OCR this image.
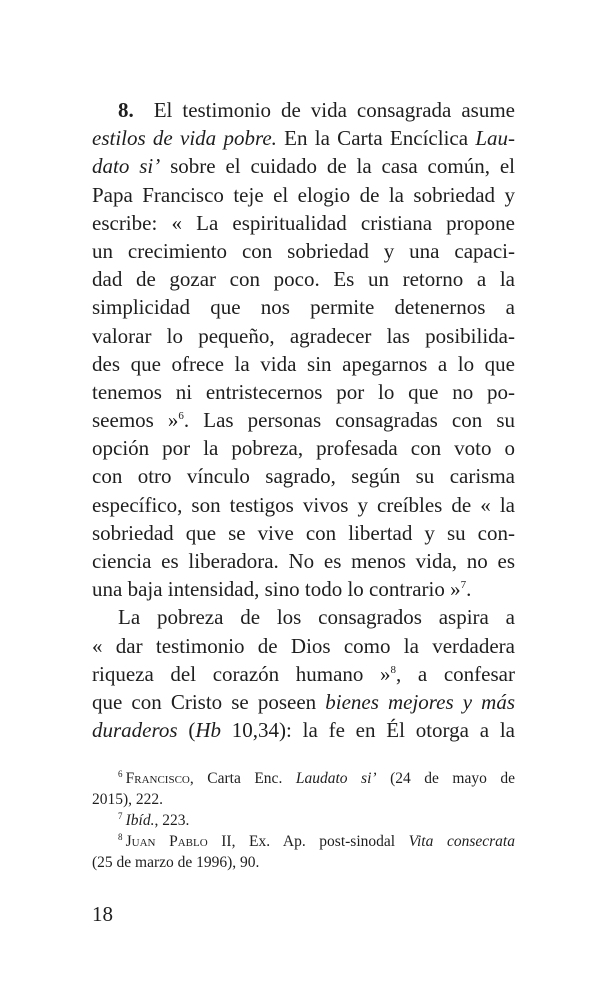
8. El testimonio de vida consagrada asume
estilos de vida pobre. En la Carta Encíclica Lau-
dato si’ sobre el cuidado de la casa común, el
Papa Francisco teje el elogio de la sobriedad y
escribe: « La espiritualidad cristiana propone
un crecimiento con sobriedad y una capaci-
dad de gozar con poco. Es un retorno a la
simplicidad que nos permite detenernos a
valorar lo pequeño, agradecer las posibilida-
des que ofrece la vida sin apegarnos a lo que
tenemos ni entristecernos por lo que no po-
seemos »$^6$. Las personas consagradas con su
opción por la pobreza, profesada con voto o
con otro vínculo sagrado, según su carisma
específico, son testigos vivos y creíbles de « la
sobriedad que se vive con libertad y su con-
ciencia es liberadora. No es menos vida, no es
una baja intensidad, sino todo lo contrario »$^7$.
La pobreza de los consagrados aspira a
« dar testimonio de Dios como la verdadera
riqueza del corazón humano »$^8$, a confesar
que con Cristo se poseen bienes mejores y más
duraderos (Hb 10,34): la fe en Él otorga a la
$^6$  Francisco, Carta Enc. Laudato si’ (24 de mayo de
2015), 222.
$^7$  Ibíd., 223.
$^8$  Juan Pablo II, Ex. Ap. post-sinodal Vita consecrata
(25 de marzo de 1996), 90.
18
